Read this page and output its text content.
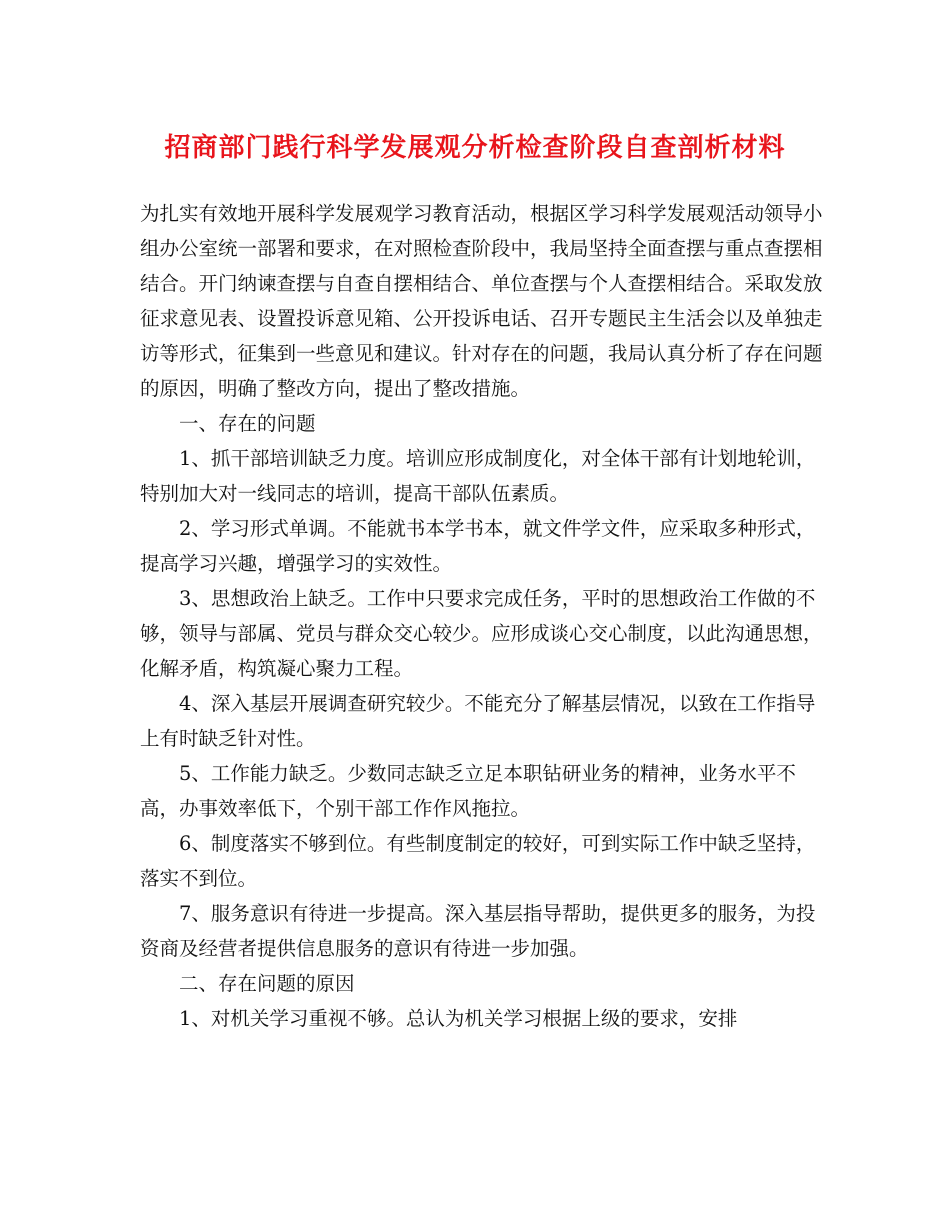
招商部门践行科学发展观分析检查阶段自查剖析材料

为扎实有效地开展科学发展观学习教育活动，根据区学习科学发展观活动领导小组办公室统一部署和要求，在对照检查阶段中，我局坚持全面查摆与重点查摆相结合。开门纳谏查摆与自查自摆相结合、单位查摆与个人查摆相结合。采取发放征求意见表、设置投诉意见箱、公开投诉电话、召开专题民主生活会以及单独走访等形式，征集到一些意见和建议。针对存在的问题，我局认真分析了存在问题的原因，明确了整改方向，提出了整改措施。

一、存在的问题

1、抓干部培训缺乏力度。培训应形成制度化，对全体干部有计划地轮训，特别加大对一线同志的培训，提高干部队伍素质。

2、学习形式单调。不能就书本学书本，就文件学文件，应采取多种形式，提高学习兴趣，增强学习的实效性。

3、思想政治上缺乏。工作中只要求完成任务，平时的思想政治工作做的不够，领导与部属、党员与群众交心较少。应形成谈心交心制度，以此沟通思想，化解矛盾，构筑凝心聚力工程。

4、深入基层开展调查研究较少。不能充分了解基层情况，以致在工作指导上有时缺乏针对性。

5、工作能力缺乏。少数同志缺乏立足本职钻研业务的精神，业务水平不高，办事效率低下，个别干部工作作风拖拉。

6、制度落实不够到位。有些制度制定的较好，可到实际工作中缺乏坚持，落实不到位。

7、服务意识有待进一步提高。深入基层指导帮助，提供更多的服务，为投资商及经营者提供信息服务的意识有待进一步加强。

二、存在问题的原因

1、对机关学习重视不够。总认为机关学习根据上级的要求，安排
